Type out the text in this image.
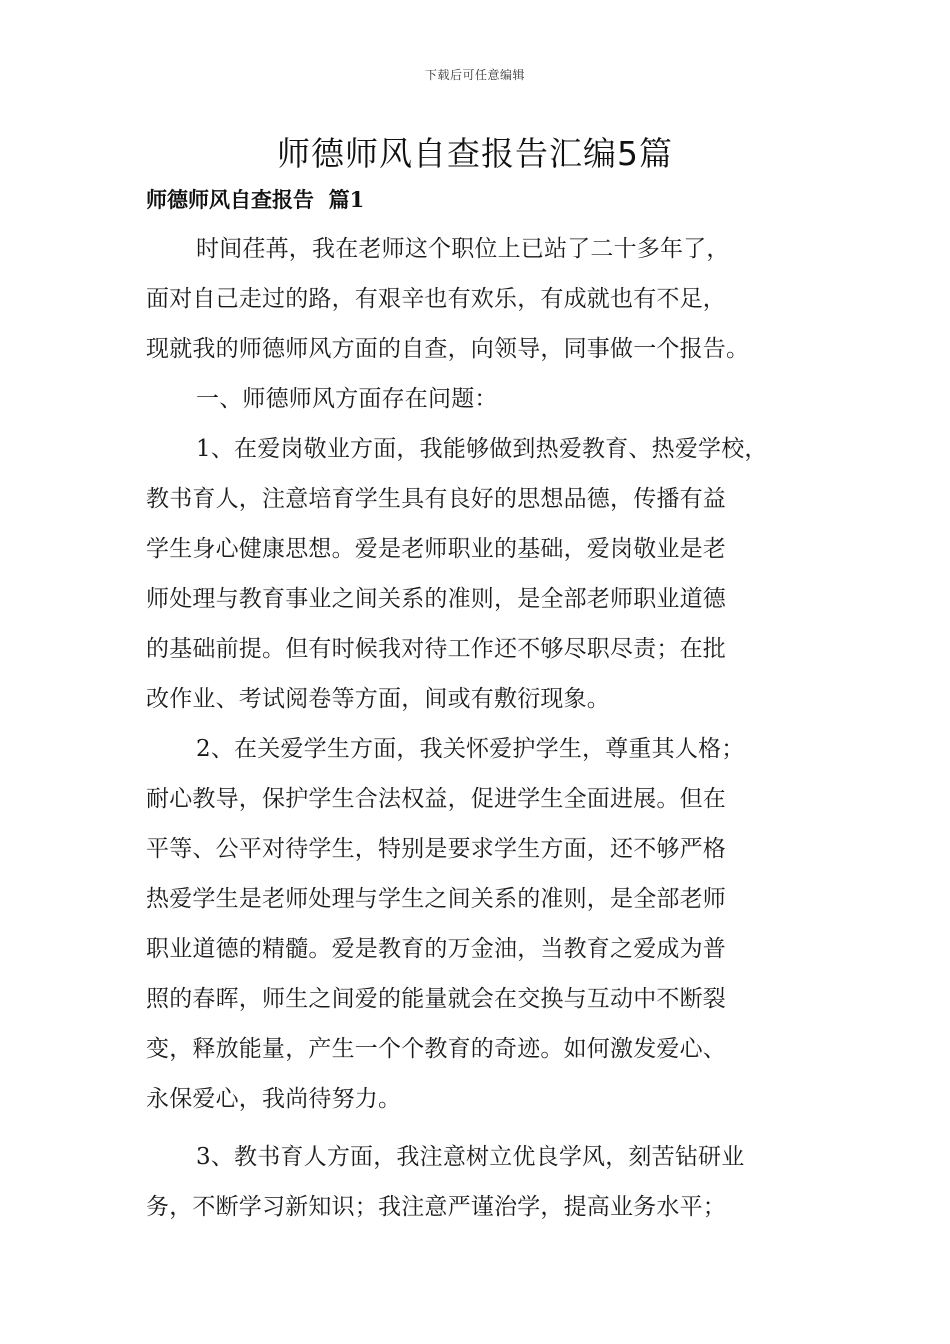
下载后可任意编辑
师德师风自查报告汇编5篇
师德师风自查报告  篇1
时间荏苒，我在老师这个职位上已站了二十多年了，
面对自己走过的路，有艰辛也有欢乐，有成就也有不足，
现就我的师德师风方面的自查，向领导，同事做一个报告。
一、师德师风方面存在问题：
1、在爱岗敬业方面，我能够做到热爱教育、热爱学校，
教书育人，注意培育学生具有良好的思想品德，传播有益
学生身心健康思想。爱是老师职业的基础，爱岗敬业是老
师处理与教育事业之间关系的准则，是全部老师职业道德
的基础前提。但有时候我对待工作还不够尽职尽责；在批
改作业、考试阅卷等方面，间或有敷衍现象。
2、在关爱学生方面，我关怀爱护学生，尊重其人格；
耐心教导，保护学生合法权益，促进学生全面进展。但在
平等、公平对待学生，特别是要求学生方面，还不够严格
热爱学生是老师处理与学生之间关系的准则，是全部老师
职业道德的精髓。爱是教育的万金油，当教育之爱成为普
照的春晖，师生之间爱的能量就会在交换与互动中不断裂
变，释放能量，产生一个个教育的奇迹。如何激发爱心、
永保爱心，我尚待努力。
3、教书育人方面，我注意树立优良学风，刻苦钻研业
务，不断学习新知识；我注意严谨治学，提高业务水平；
